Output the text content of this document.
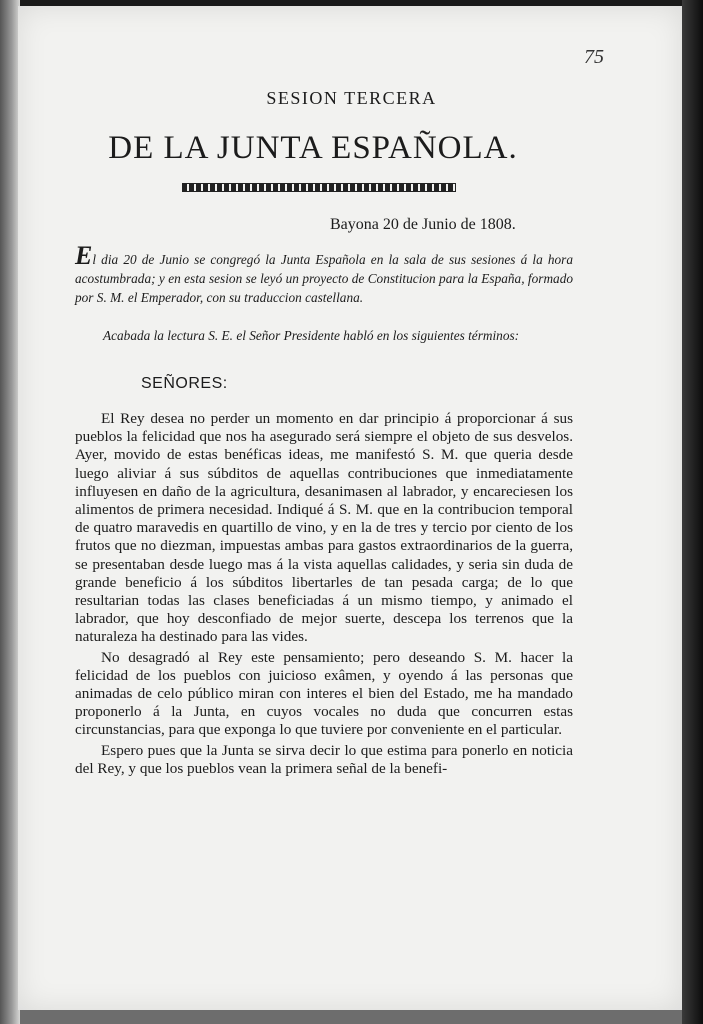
75
SESION TERCERA
DE LA JUNTA ESPAÑOLA.
Bayona 20 de Junio de 1808.

El dia 20 de Junio se congregó la Junta Española en la sala de sus sesiones á la hora acostumbrada; y en esta sesion se leyó un proyecto de Constitucion para la España, formado por S. M. el Emperador, con su traduccion castellana.

Acabada la lectura S. E. el Señor Presidente habló en los siguientes términos:

SEÑORES:

El Rey desea no perder un momento en dar principio á proporcionar á sus pueblos la felicidad que nos ha asegurado será siempre el objeto de sus desvelos. Ayer, movido de estas benéficas ideas, me manifestó S. M. que queria desde luego aliviar á sus súbditos de aquellas contribuciones que inmediatamente influyesen en daño de la agricultura, desanimasen al labrador, y encareciesen los alimentos de primera necesidad. Indiqué á S. M. que en la contribucion temporal de quatro maravedis en quartillo de vino, y en la de tres y tercio por ciento de los frutos que no diezman, impuestas ambas para gastos extraordinarios de la guerra, se presentaban desde luego mas á la vista aquellas calidades, y seria sin duda de grande beneficio á los súbditos libertarles de tan pesada carga; de lo que resultarian todas las clases beneficiadas á un mismo tiempo, y animado el labrador, que hoy desconfiado de mejor suerte, descepa los terrenos que la naturaleza ha destinado para las vides.

No desagradó al Rey este pensamiento; pero deseando S. M. hacer la felicidad de los pueblos con juicioso exâmen, y oyendo á las personas que animadas de celo público miran con interes el bien del Estado, me ha mandado proponerlo á la Junta, en cuyos vocales no duda que concurren estas circunstancias, para que exponga lo que tuviere por conveniente en el particular.

Espero pues que la Junta se sirva decir lo que estima para ponerlo en noticia del Rey, y que los pueblos vean la primera señal de la benefi-
